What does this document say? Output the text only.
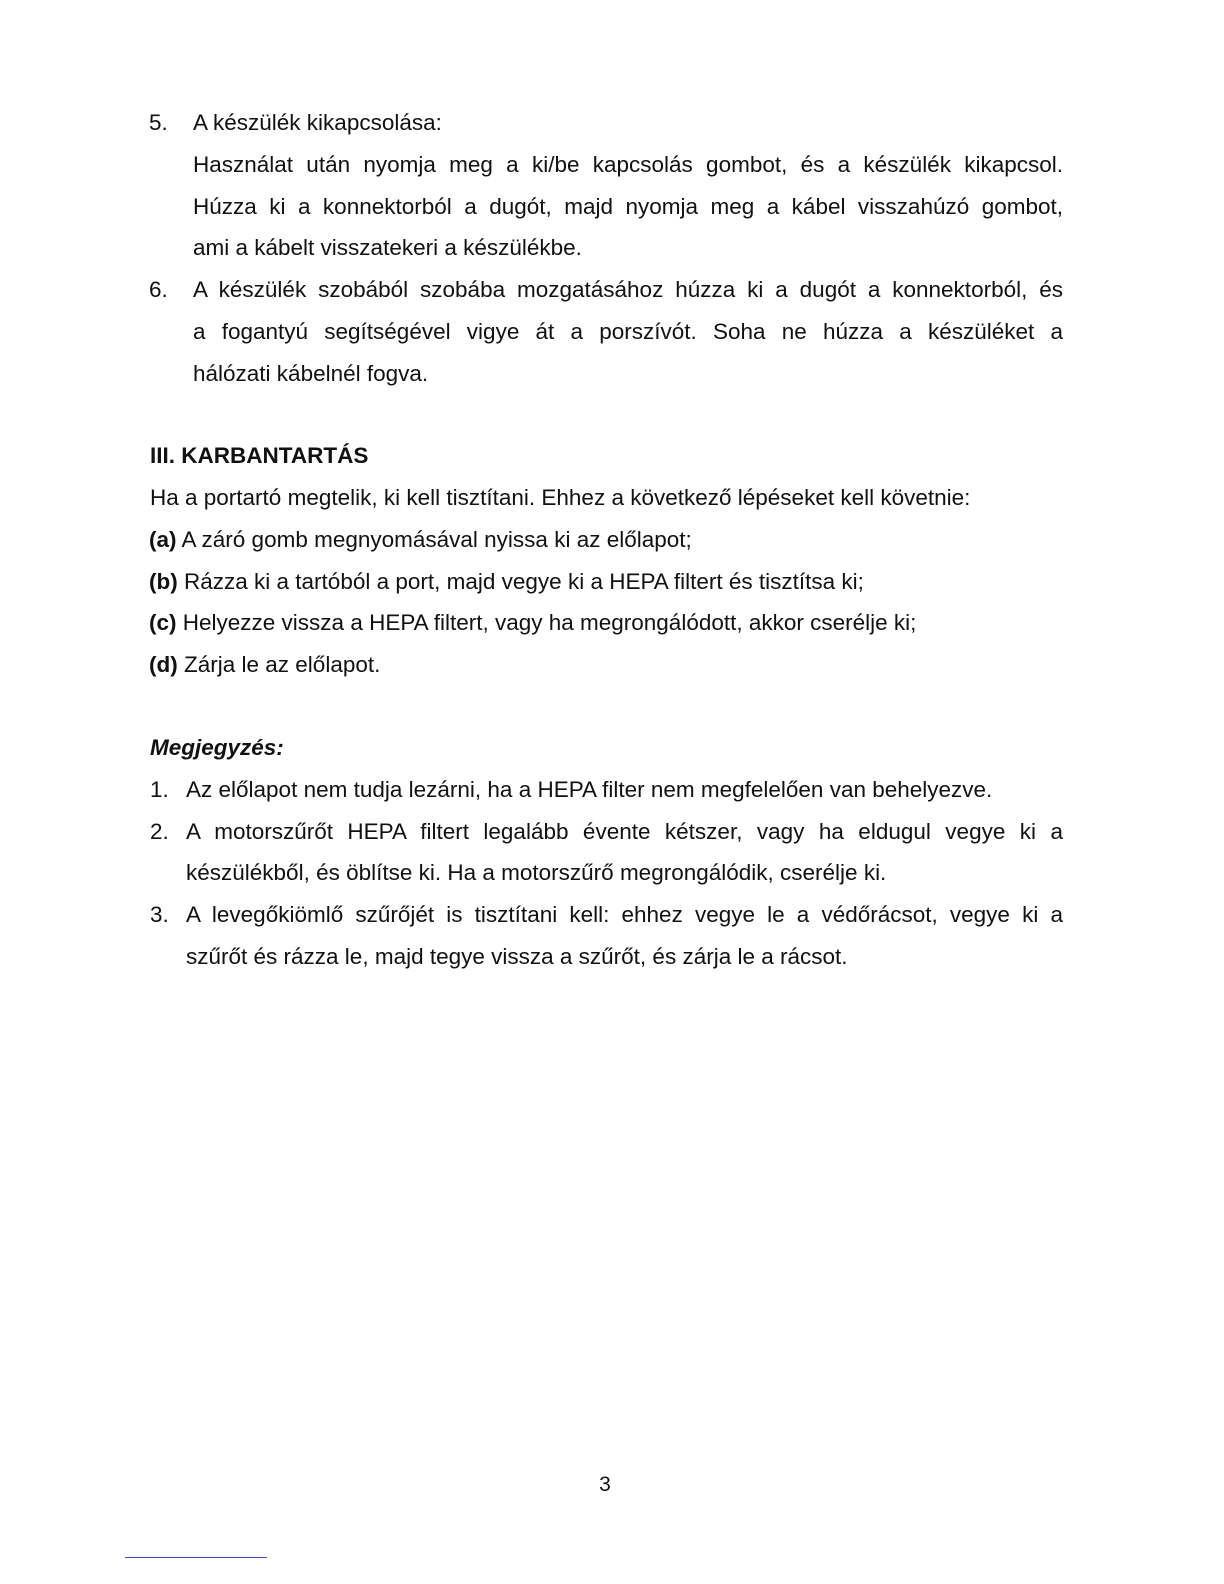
5. A készülék kikapcsolása:
Használat után nyomja meg a ki/be kapcsolás gombot, és a készülék kikapcsol.
Húzza ki a konnektorból a dugót, majd nyomja meg a kábel visszahúzó gombot,
ami a kábelt visszatekeri a készülékbe.
6. A készülék szobából szobába mozgatásához húzza ki a dugót a konnektorból, és
a fogantyú segítségével vigye át a porszívót. Soha ne húzza a készüléket a
hálózati kábelnél fogva.
III. KARBANTARTÁS
Ha a portartó megtelik, ki kell tisztítani. Ehhez a következő lépéseket kell követnie:
(a) A záró gomb megnyomásával nyissa ki az előlapot;
(b) Rázza ki a tartóból a port, majd vegye ki a HEPA filtert és tisztítsa ki;
(c) Helyezze vissza a HEPA filtert, vagy ha megrongálódott, akkor cserélje ki;
(d) Zárja le az előlapot.
Megjegyzés:
1. Az előlapot nem tudja lezárni, ha a HEPA filter nem megfelelően van behelyezve.
2. A motorszűrőt HEPA filtert legalább évente kétszer, vagy ha eldugul vegye ki a
készülékből, és öblítse ki. Ha a motorszűrő megrongálódik, cserélje ki.
3. A levegőkiömlő szűrőjét is tisztítani kell: ehhez vegye le a védőrácsot, vegye ki a
szűrőt és rázza le, majd tegye vissza a szűrőt, és zárja le a rácsot.
3
